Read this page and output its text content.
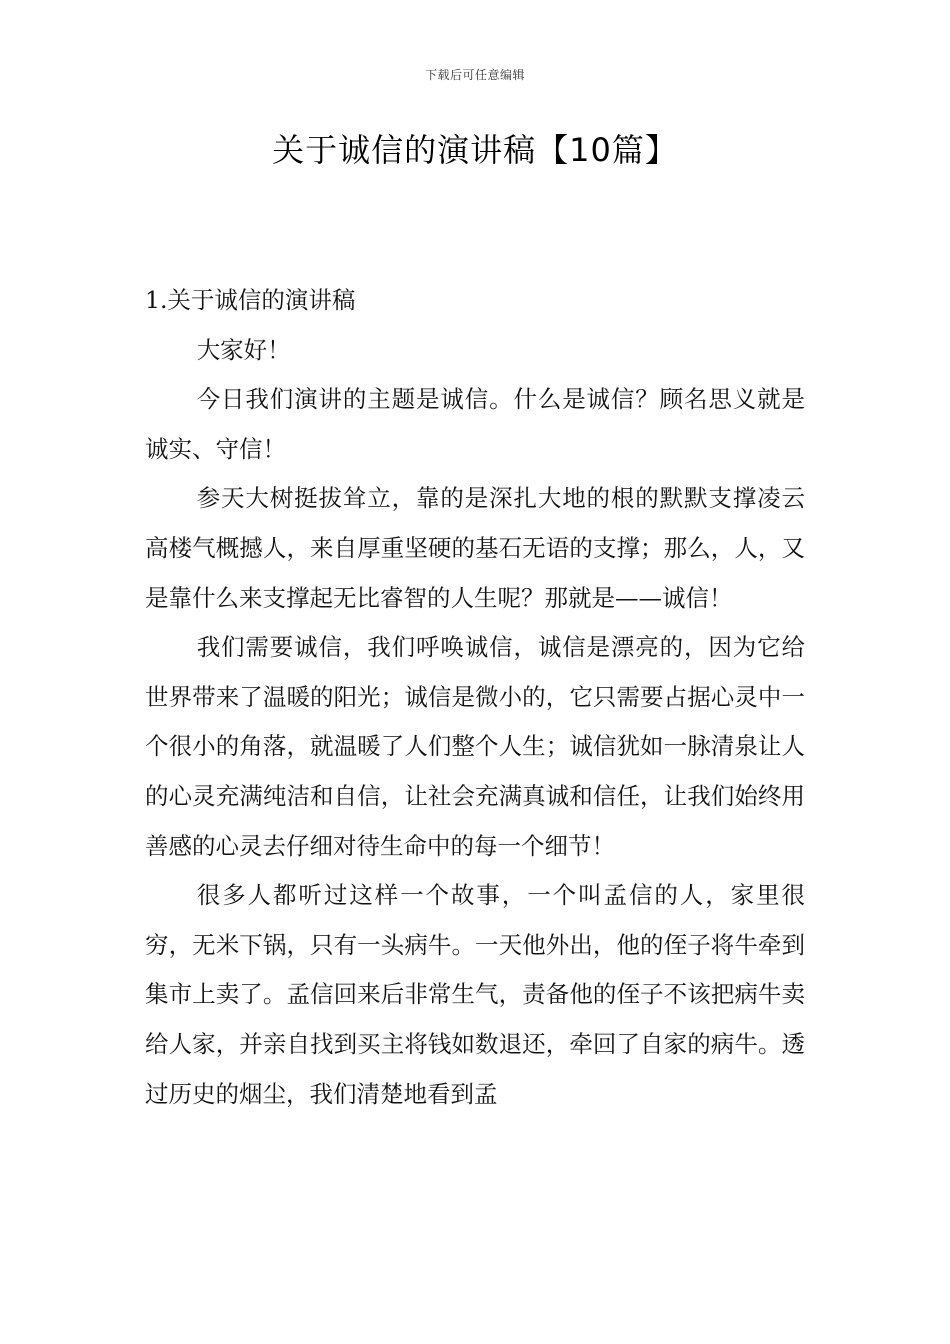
下载后可任意编辑
关于诚信的演讲稿【10篇】
1.关于诚信的演讲稿

大家好！

今日我们演讲的主题是诚信。什么是诚信？顾名思义就是诚实、守信！

参天大树挺拔耸立，靠的是深扎大地的根的默默支撑凌云高楼气概撼人，来自厚重坚硬的基石无语的支撑；那么，人，又是靠什么来支撑起无比睿智的人生呢？那就是——诚信！

我们需要诚信，我们呼唤诚信，诚信是漂亮的，因为它给世界带来了温暖的阳光；诚信是微小的，它只需要占据心灵中一个很小的角落，就温暖了人们整个人生；诚信犹如一脉清泉让人的心灵充满纯洁和自信，让社会充满真诚和信任，让我们始终用善感的心灵去仔细对待生命中的每一个细节！

很多人都听过这样一个故事，一个叫孟信的人，家里很穷，无米下锅，只有一头病牛。一天他外出，他的侄子将牛牵到集市上卖了。孟信回来后非常生气，责备他的侄子不该把病牛卖给人家，并亲自找到买主将钱如数退还，牵回了自家的病牛。透过历史的烟尘，我们清楚地看到孟
